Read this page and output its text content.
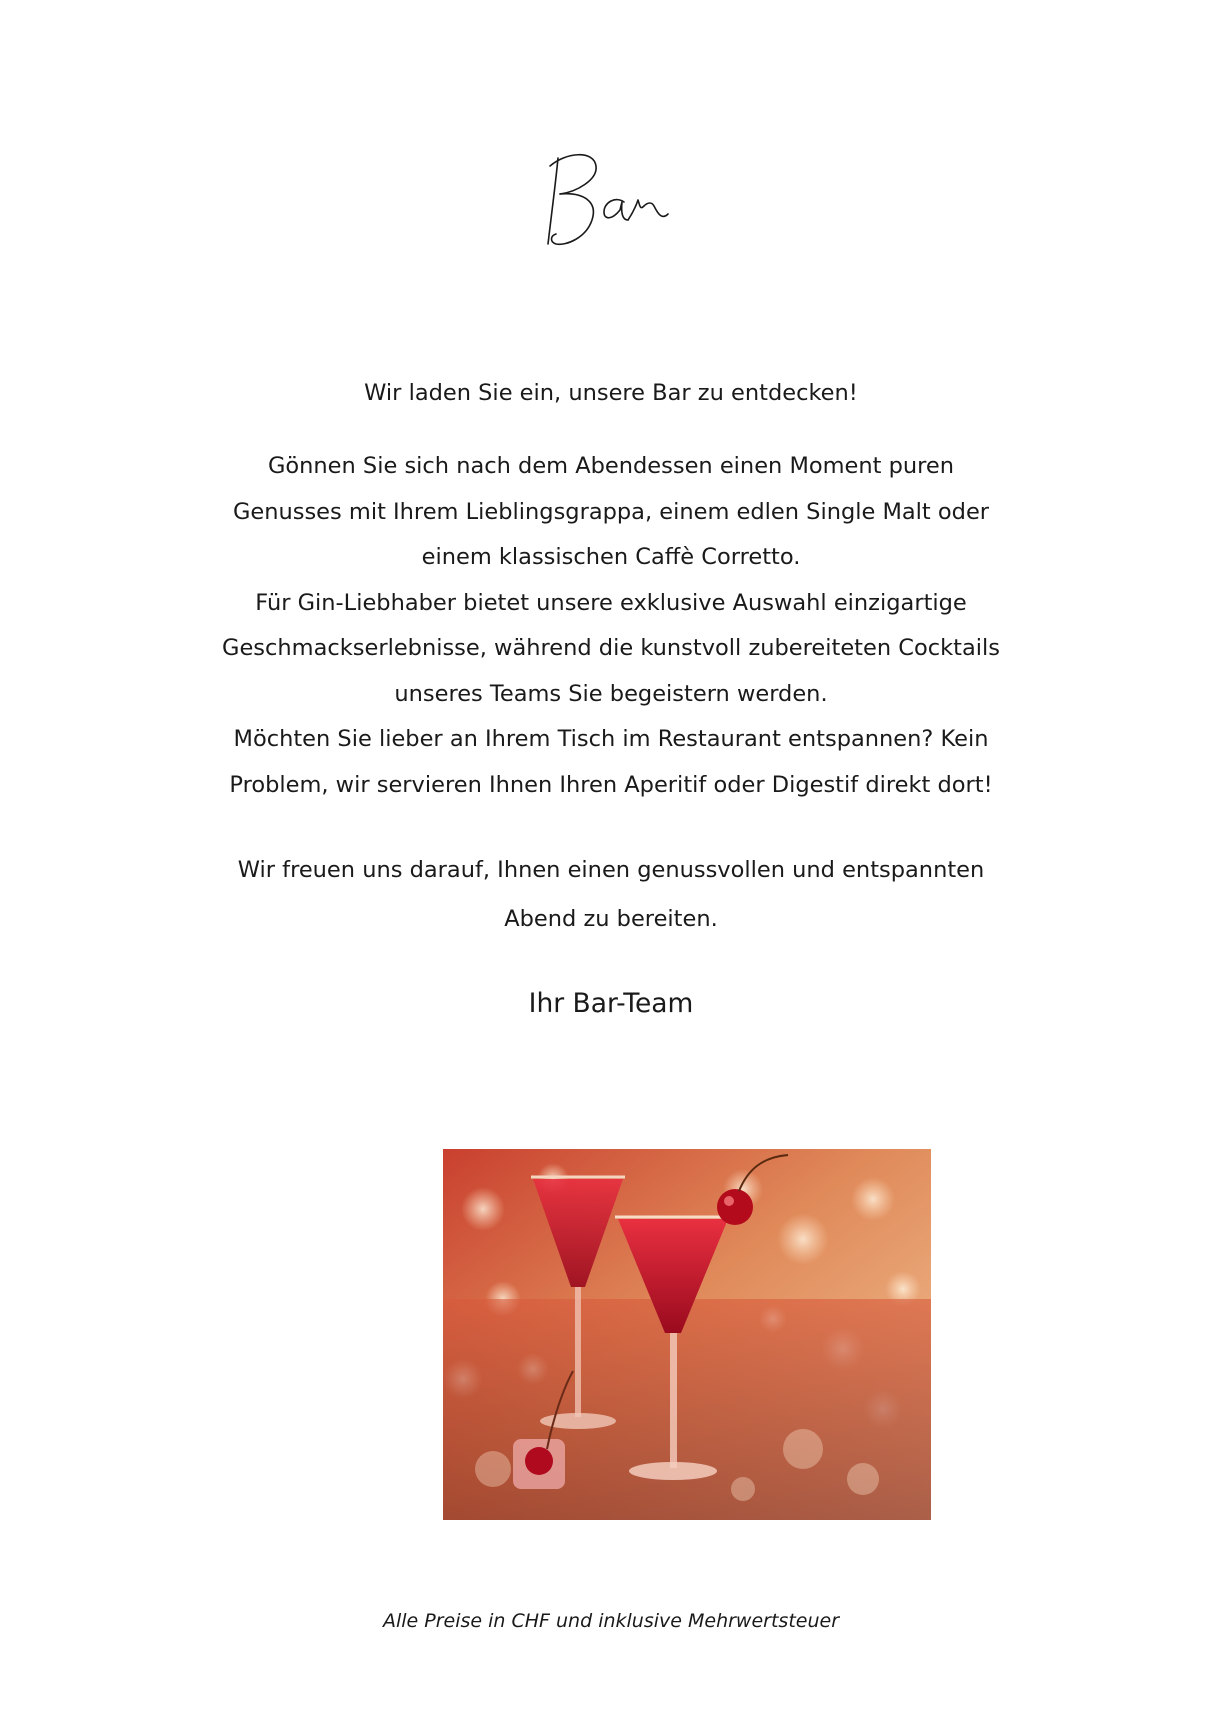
Wir laden Sie ein, unsere Bar zu entdecken!

Gönnen Sie sich nach dem Abendessen einen Moment puren Genusses mit Ihrem Lieblingsgrappa, einem edlen Single Malt oder einem klassischen Caffè Corretto.

Für Gin-Liebhaber bietet unsere exklusive Auswahl einzigartige Geschmackserlebnisse, während die kunstvoll zubereiteten Cocktails unseres Teams Sie begeistern werden.

Möchten Sie lieber an Ihrem Tisch im Restaurant entspannen? Kein Problem, wir servieren Ihnen Ihren Aperitif oder Digestif direkt dort!

Wir freuen uns darauf, Ihnen einen genussvollen und entspannten Abend zu bereiten.
Ihr Bar-Team
Alle Preise in CHF und inklusive Mehrwertsteuer
